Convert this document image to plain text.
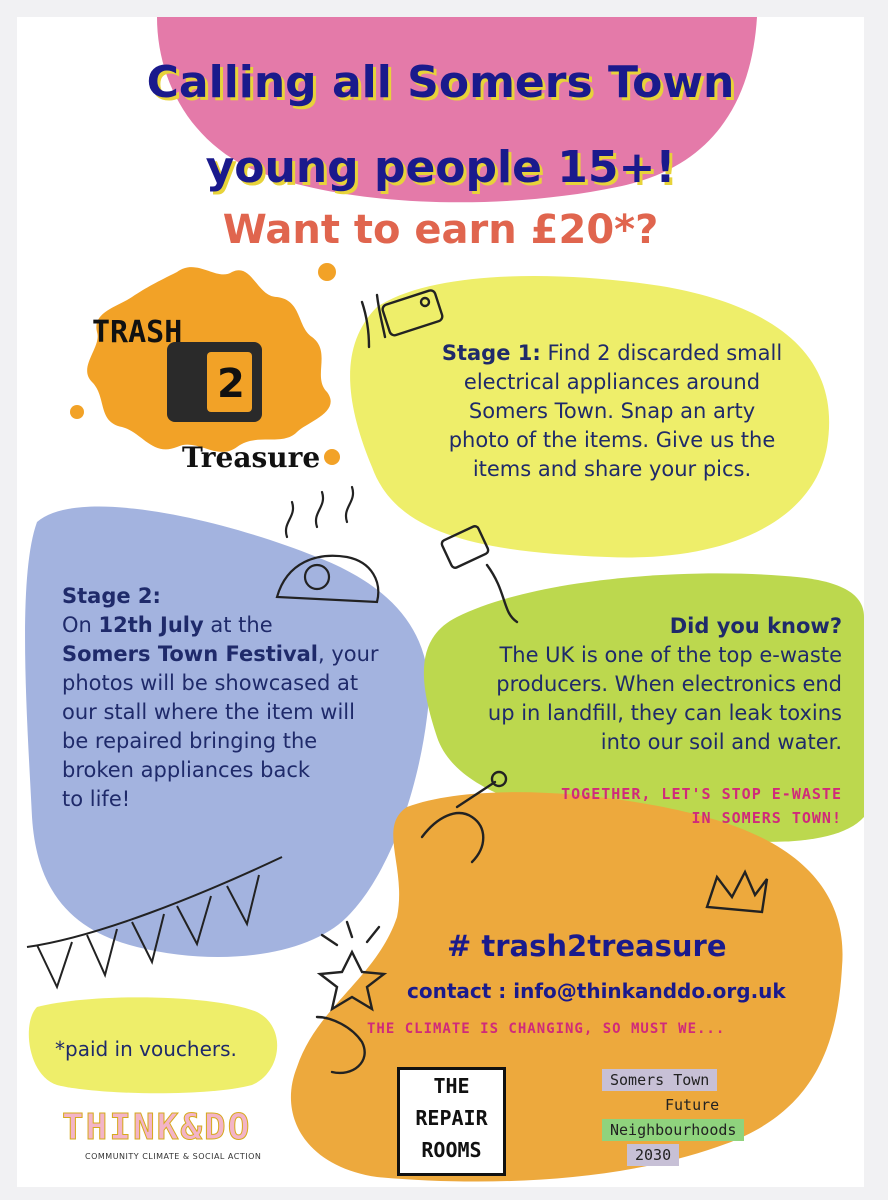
Calling all Somers Town
young people 15+!
Want to earn £20*?
TRASH
2
Treasure
Stage 1: Find 2 discarded small
electrical appliances around
Somers Town. Snap an arty
photo of the items. Give us the
items and share your pics.
Stage 2:
On 12th July at the
Somers Town Festival, your
photos will be showcased at
our stall where the item will
be repaired bringing the
broken appliances back
to life!
Did you know?
The UK is one of the top e-waste
producers. When electronics end
up in landfill, they can leak toxins
into our soil and water.
TOGETHER, LET'S STOP E-WASTE
IN SOMERS TOWN!
# trash2treasure
contact : info@thinkanddo.org.uk
THE CLIMATE IS CHANGING, SO MUST WE...
*paid in vouchers.
THINK&DO
COMMUNITY CLIMATE & SOCIAL ACTION
THE
REPAIR
ROOMS
Somers Town
Future
Neighbourhoods
2030
